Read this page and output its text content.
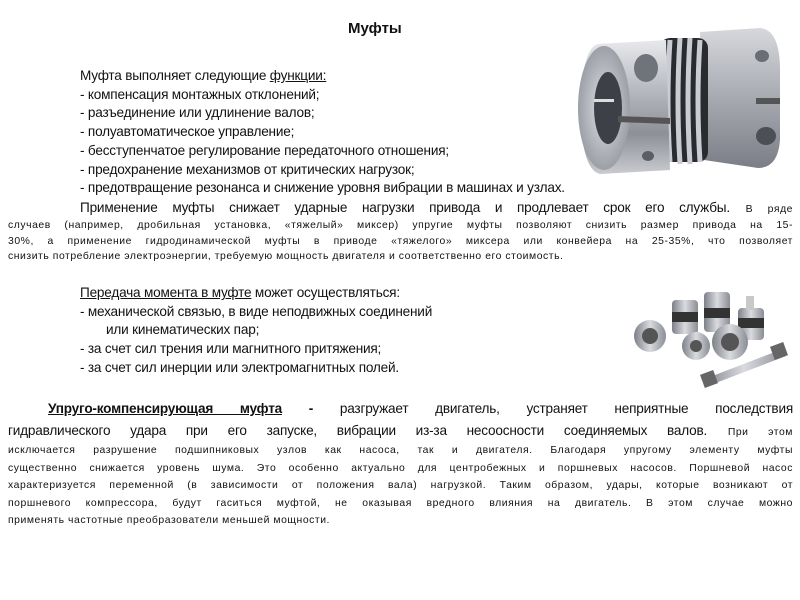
Муфты
Муфта выполняет следующие функции:
- компенсация монтажных отклонений;
- разъединение или удлинение валов;
- полуавтоматическое управление;
- бесступенчатое регулирование передаточного отношения;
- предохранение механизмов от критических нагрузок;
- предотвращение резонанса и снижение уровня вибрации в машинах и узлах.
Применение муфты снижает ударные нагрузки привода и продлевает срок его службы. В ряде
случаев (например, дробильная установка, «тяжелый» миксер) упругие муфты позволяют снизить размер привода на 15-
30%, а применение гидродинамической муфты в приводе «тяжелого» миксера или конвейера на 25-35%, что позволяет
снизить потребление электроэнергии, требуемую мощность двигателя и соответственно его стоимость.
Передача момента в муфте может осуществляться:
- механической связью, в виде неподвижных соединений
или кинематических пар;
- за счет сил трения или магнитного притяжения;
- за счет сил инерции или электромагнитных полей.
Упруго-компенсирующая муфта - разгружает двигатель, устраняет неприятные последствия
гидравлического удара при его запуске, вибрации из-за несоосности соединяемых валов. При этом
исключается разрушение подшипниковых узлов как насоса, так и двигателя. Благодаря упругому элементу муфты
существенно снижается уровень шума. Это особенно актуально для центробежных и поршневых насосов. Поршневой насос
характеризуется переменной (в зависимости от положения вала) нагрузкой. Таким образом, удары, которые возникают от
поршневого компрессора, будут гаситься муфтой, не оказывая вредного влияния на двигатель. В этом случае можно
применять частотные преобразователи меньшей мощности.
